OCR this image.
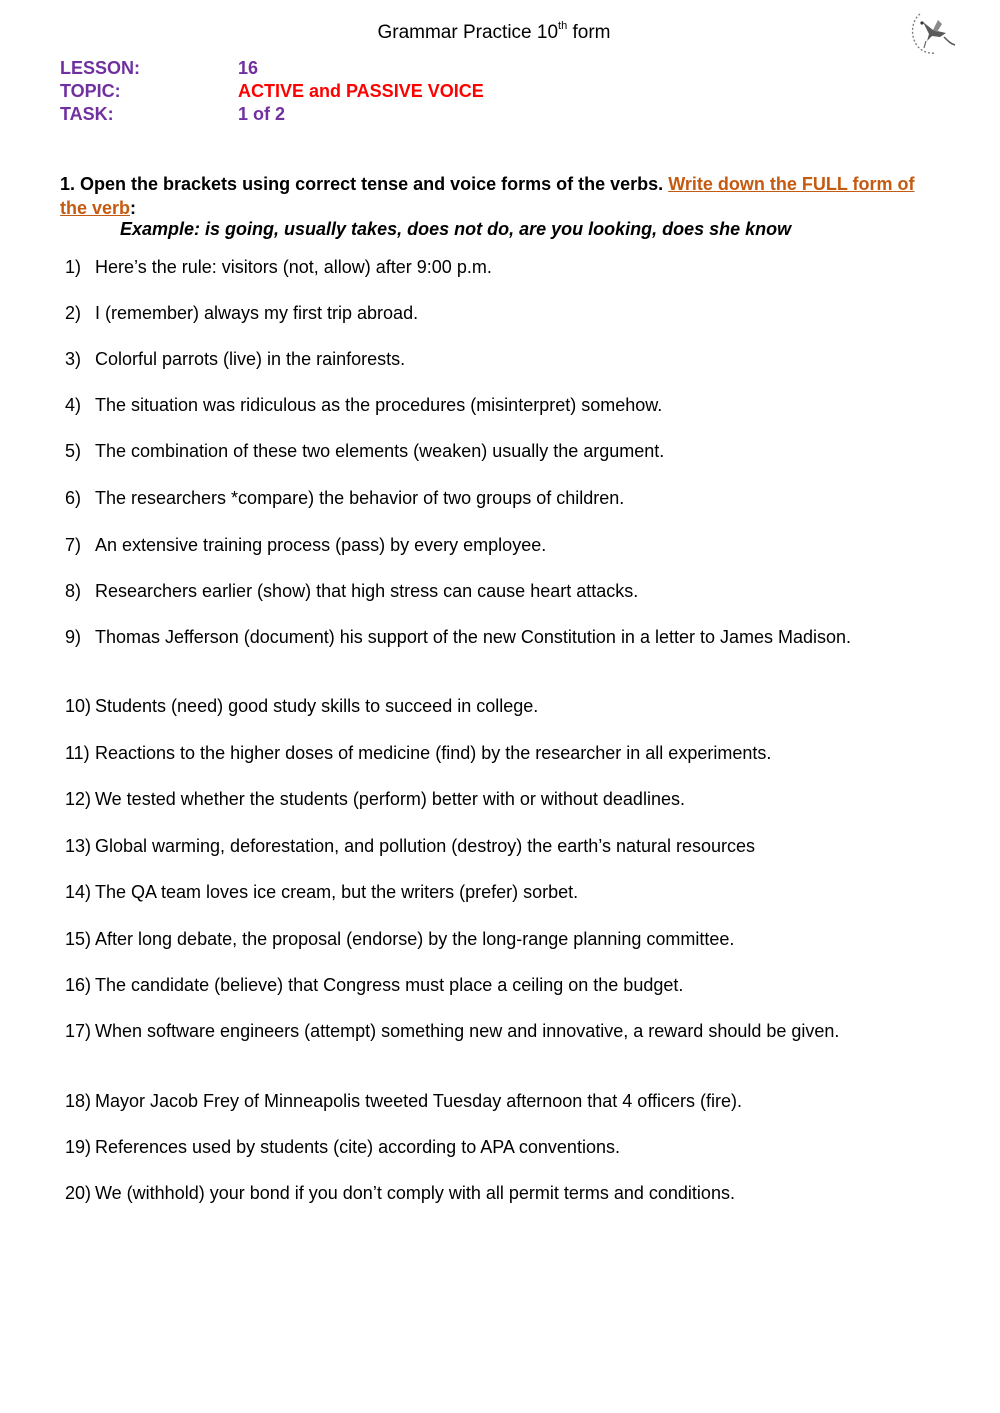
Grammar Practice 10th form
LESSON:	16
TOPIC:	ACTIVE and PASSIVE VOICE
TASK:	1 of 2
1. Open the brackets using correct tense and voice forms of the verbs. Write down the FULL form of the verb:
Example: is going, usually takes, does not do, are you looking, does she know
1) Here’s the rule: visitors (not, allow) after 9:00 p.m.
2) I (remember) always my first trip abroad.
3) Colorful parrots (live) in the rainforests.
4) The situation was ridiculous as the procedures (misinterpret) somehow.
5) The combination of these two elements (weaken) usually the argument.
6) The researchers *compare) the behavior of two groups of children.
7) An extensive training process (pass) by every employee.
8) Researchers earlier (show) that high stress can cause heart attacks.
9) Thomas Jefferson (document) his support of the new Constitution in a letter to James Madison.
10) Students (need) good study skills to succeed in college.
11) Reactions to the higher doses of medicine (find) by the researcher in all experiments.
12) We tested whether the students (perform) better with or without deadlines.
13) Global warming, deforestation, and pollution (destroy) the earth’s natural resources
14) The QA team loves ice cream, but the writers (prefer) sorbet.
15) After long debate, the proposal (endorse) by the long-range planning committee.
16) The candidate (believe) that Congress must place a ceiling on the budget.
17) When software engineers (attempt) something new and innovative, a reward should be given.
18) Mayor Jacob Frey of Minneapolis tweeted Tuesday afternoon that 4 officers (fire).
19) References used by students (cite) according to APA conventions.
20) We (withhold) your bond if you don’t comply with all permit terms and conditions.
